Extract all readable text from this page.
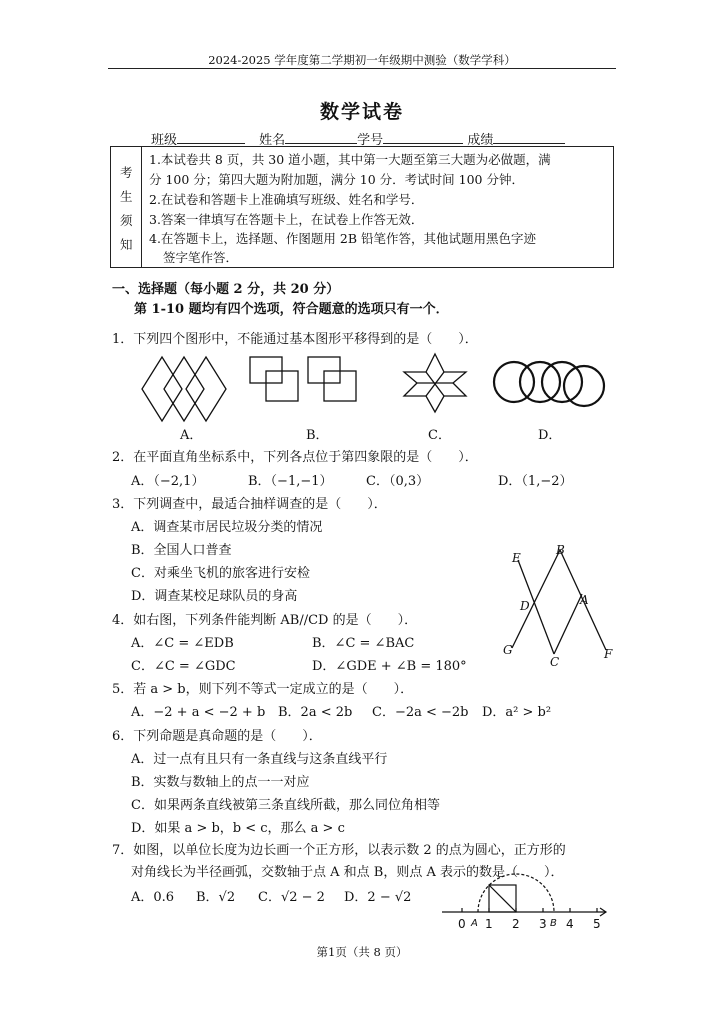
2024-2025 学年度第二学期初一年级期中测验（数学学科）
数学试卷
班级	姓名	学号	成绩
考
生
须
知
1.本试卷共 8 页，共 30 道小题，其中第一大题至第三大题为必做题，满
分 100 分；第四大题为附加题，满分 10 分．考试时间 100 分钟．
2.在试卷和答题卡上准确填写班级、姓名和学号．
3.答案一律填写在答题卡上，在试卷上作答无效．
4.在答题卡上，选择题、作图题用 2B 铅笔作答，其他试题用黑色字迹
签字笔作答．
一、选择题（每小题 2 分，共 20 分）
第 1-10 题均有四个选项，符合题意的选项只有一个．
1．下列四个图形中，不能通过基本图形平移得到的是（　　）．
A．	B．	C．	D．
2．在平面直角坐标系中，下列各点位于第四象限的是（　　）．
A．（−2,1）	B．（−1,−1）	C．（0,3）	D．（1,−2）
3．下列调查中，最适合抽样调查的是（　　）．
A．调查某市居民垃圾分类的情况
B．全国人口普查
C．对乘坐飞机的旅客进行安检
D．调查某校足球队员的身高
E
B
D	A
G
C
F
4．如右图，下列条件能判断 AB//CD 的是（　　）．
A．∠C = ∠EDB	B．∠C = ∠BAC
C．∠C = ∠GDC	D．∠GDE + ∠B = 180°
5．若 a > b，则下列不等式一定成立的是（　　）．
A．−2 + a < −2 + b B．2a < 2b C．−2a < −2b D．a² > b²
6．下列命题是真命题的是（　　）．
A．过一点有且只有一条直线与这条直线平行
B．实数与数轴上的点一一对应
C．如果两条直线被第三条直线所截，那么同位角相等
D．如果 a > b，b < c，那么 a > c
7．如图，以单位长度为边长画一个正方形，以表示数 2 的点为圆心，正方形的
对角线长为半径画弧，交数轴于点 A 和点 B，则点 A 表示的数是（　　）．
A．0.6 B．√2 C．√2 − 2 D．2 − √2
0 A 1 2 3 B 4 5
第1页（共 8 页）
